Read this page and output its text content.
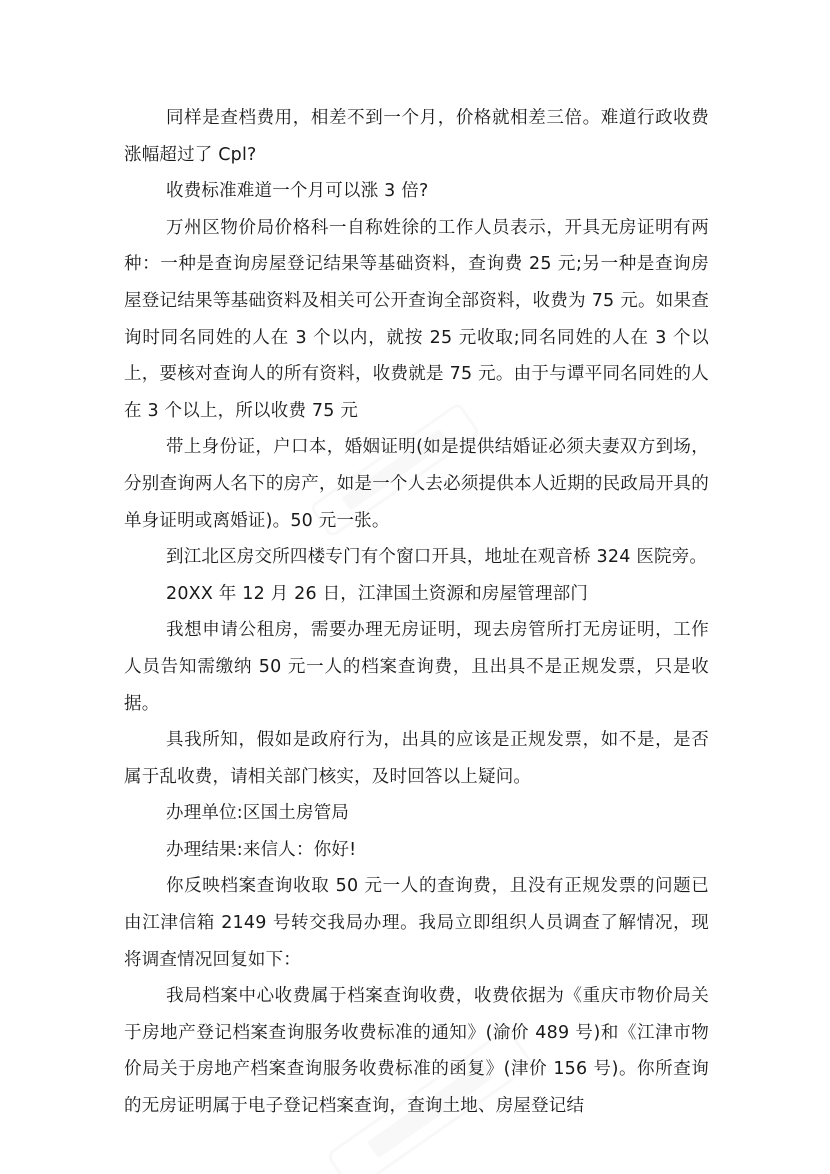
同样是查档费用，相差不到一个月，价格就相差三倍。难道行政收费涨幅超过了 Cpl?

收费标准难道一个月可以涨 3 倍?

万州区物价局价格科一自称姓徐的工作人员表示，开具无房证明有两种：一种是查询房屋登记结果等基础资料，查询费 25 元;另一种是查询房屋登记结果等基础资料及相关可公开查询全部资料，收费为 75 元。如果查询时同名同姓的人在 3 个以内，就按 25 元收取;同名同姓的人在 3 个以上，要核对查询人的所有资料，收费就是 75 元。由于与谭平同名同姓的人在 3 个以上，所以收费 75 元

带上身份证，户口本，婚姻证明(如是提供结婚证必须夫妻双方到场，分别查询两人名下的房产，如是一个人去必须提供本人近期的民政局开具的单身证明或离婚证)。50 元一张。

到江北区房交所四楼专门有个窗口开具，地址在观音桥 324 医院旁。

20XX 年 12 月 26 日，江津国土资源和房屋管理部门

我想申请公租房，需要办理无房证明，现去房管所打无房证明，工作人员告知需缴纳 50 元一人的档案查询费，且出具不是正规发票，只是收据。

具我所知，假如是政府行为，出具的应该是正规发票，如不是，是否属于乱收费，请相关部门核实，及时回答以上疑问。

办理单位:区国土房管局

办理结果:来信人：你好!

你反映档案查询收取 50 元一人的查询费，且没有正规发票的问题已由江津信箱 2149 号转交我局办理。我局立即组织人员调查了解情况，现将调查情况回复如下：

我局档案中心收费属于档案查询收费，收费依据为《重庆市物价局关于房地产登记档案查询服务收费标准的通知》(渝价 489 号)和《江津市物价局关于房地产档案查询服务收费标准的函复》(津价 156 号)。你所查询的无房证明属于电子登记档案查询，查询土地、房屋登记结
